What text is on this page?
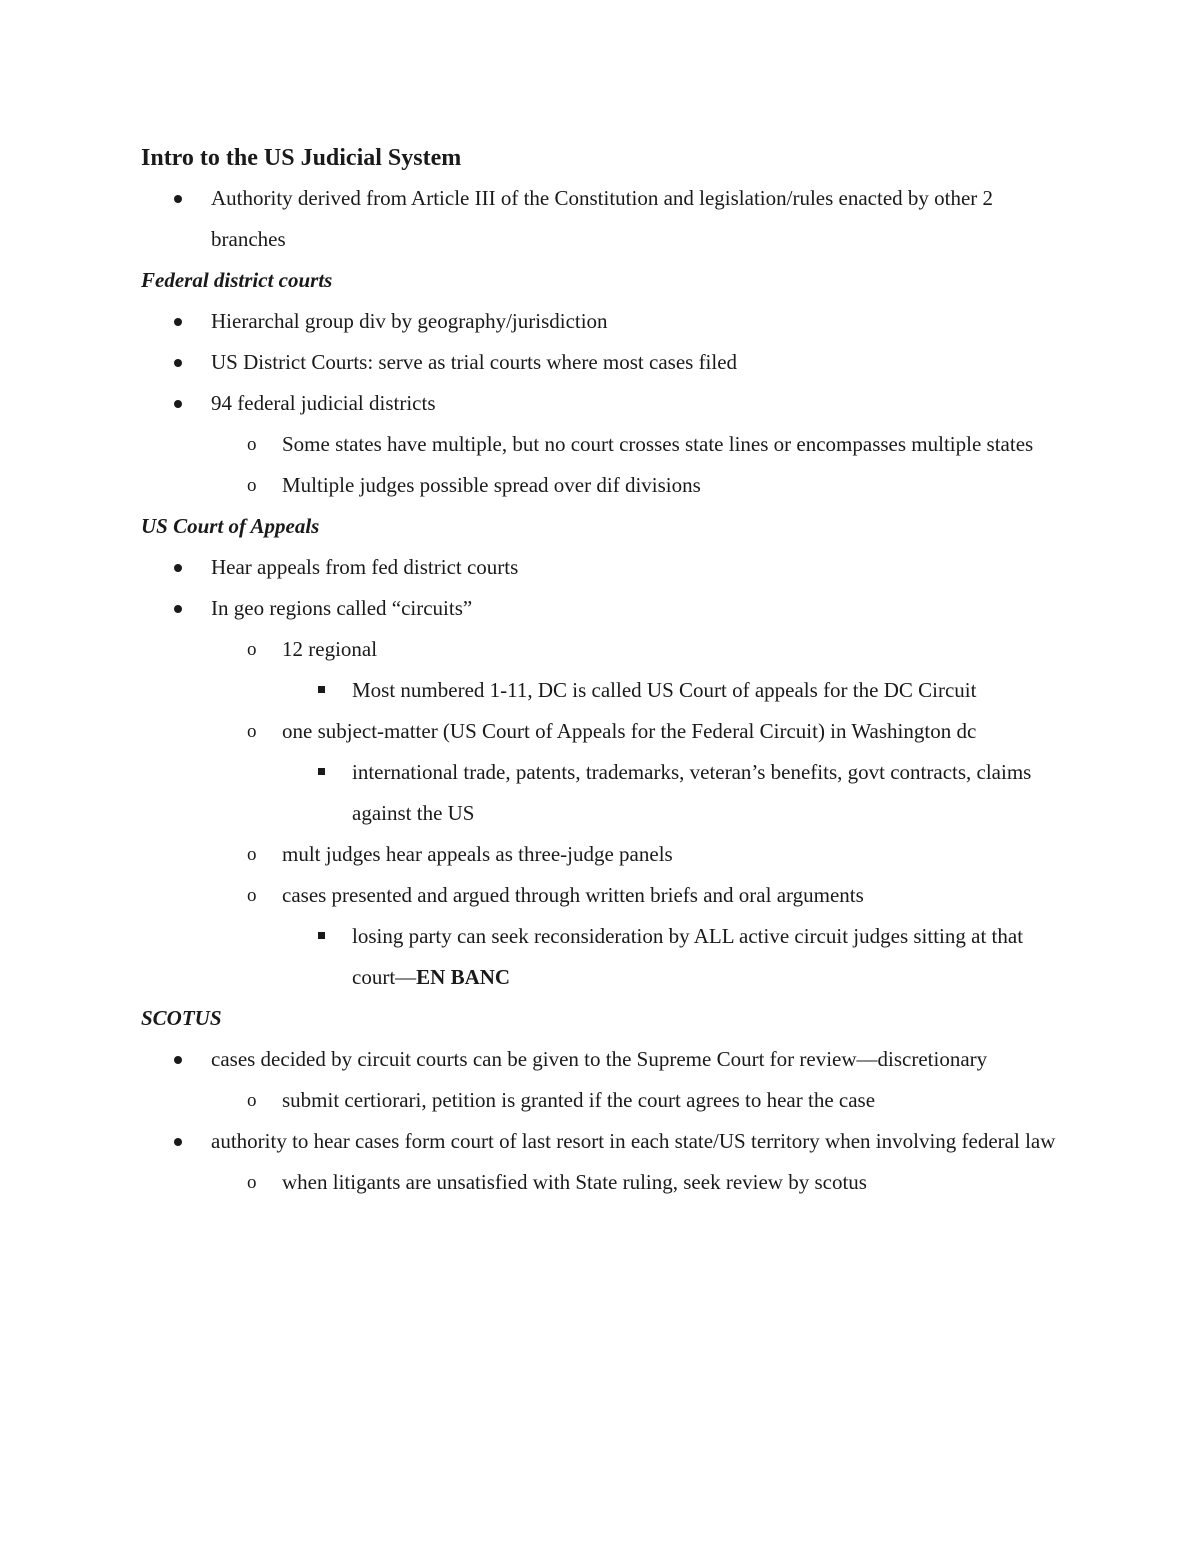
Intro to the US Judicial System
Authority derived from Article III of the Constitution and legislation/rules enacted by other 2 branches
Federal district courts
Hierarchal group div by geography/jurisdiction
US District Courts: serve as trial courts where most cases filed
94 federal judicial districts
o Some states have multiple, but no court crosses state lines or encompasses multiple states
o Multiple judges possible spread over dif divisions
US Court of Appeals
Hear appeals from fed district courts
In geo regions called “circuits”
o 12 regional
Most numbered 1-11, DC is called US Court of appeals for the DC Circuit
o one subject-matter (US Court of Appeals for the Federal Circuit) in Washington dc
international trade, patents, trademarks, veteran’s benefits, govt contracts, claims against the US
o mult judges hear appeals as three-judge panels
o cases presented and argued through written briefs and oral arguments
losing party can seek reconsideration by ALL active circuit judges sitting at that court—EN BANC
SCOTUS
cases decided by circuit courts can be given to the Supreme Court for review—discretionary
o submit certiorari, petition is granted if the court agrees to hear the case
authority to hear cases form court of last resort in each state/US territory when involving federal law
o when litigants are unsatisfied with State ruling, seek review by scotus
